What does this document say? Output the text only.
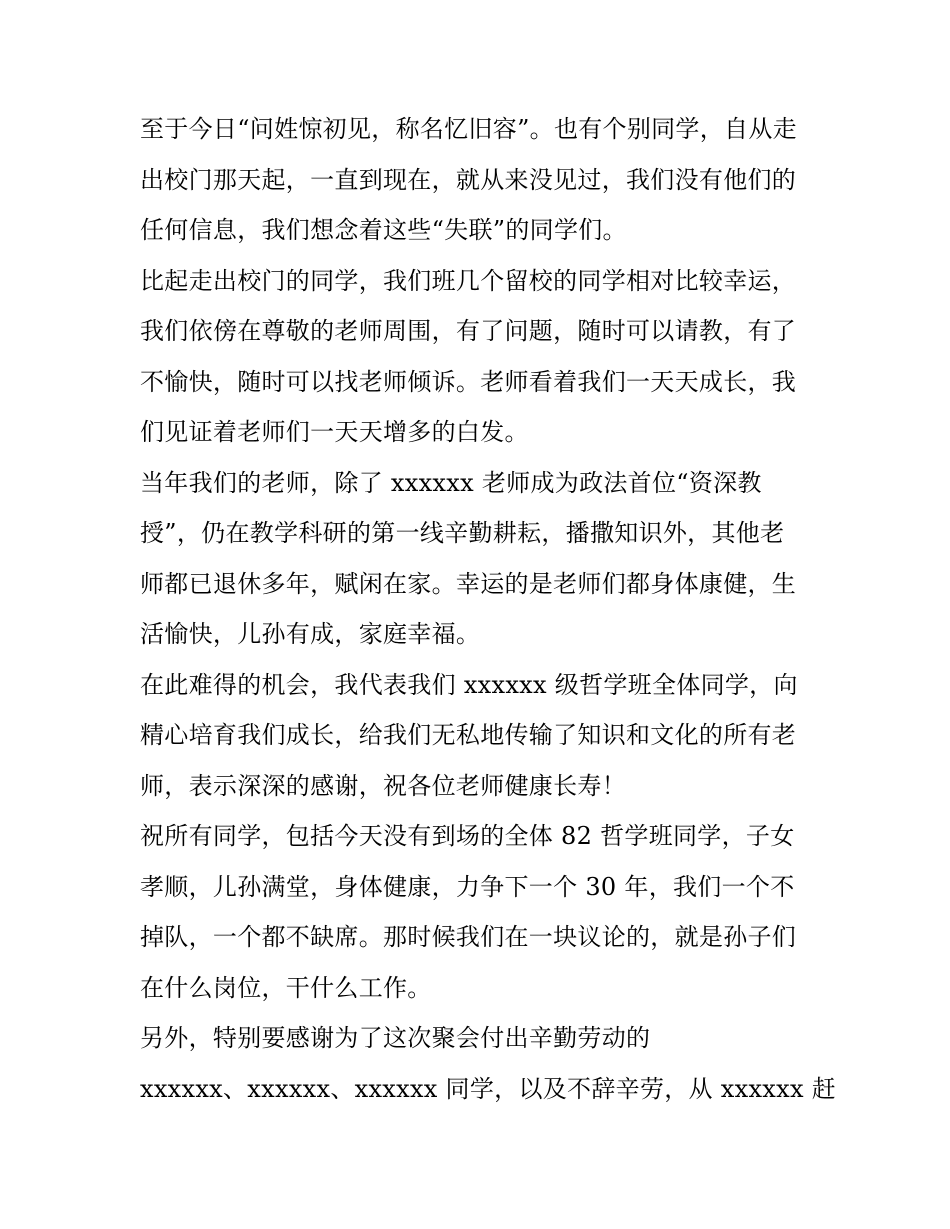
至于今日“问姓惊初见，称名忆旧容”。也有个别同学，自从走
出校门那天起，一直到现在，就从来没见过，我们没有他们的
任何信息，我们想念着这些“失联”的同学们。
比起走出校门的同学，我们班几个留校的同学相对比较幸运，
我们依傍在尊敬的老师周围，有了问题，随时可以请教，有了
不愉快，随时可以找老师倾诉。老师看着我们一天天成长，我
们见证着老师们一天天增多的白发。
当年我们的老师，除了 xxxxxx 老师成为政法首位“资深教
授”，仍在教学科研的第一线辛勤耕耘，播撒知识外，其他老
师都已退休多年，赋闲在家。幸运的是老师们都身体康健，生
活愉快，儿孙有成，家庭幸福。
在此难得的机会，我代表我们 xxxxxx 级哲学班全体同学，向
精心培育我们成长，给我们无私地传输了知识和文化的所有老
师，表示深深的感谢，祝各位老师健康长寿！
祝所有同学，包括今天没有到场的全体 82 哲学班同学，子女
孝顺，儿孙满堂，身体健康，力争下一个 30 年，我们一个不
掉队，一个都不缺席。那时候我们在一块议论的，就是孙子们
在什么岗位，干什么工作。
另外，特别要感谢为了这次聚会付出辛勤劳动的
xxxxxx、xxxxxx、xxxxxx 同学，以及不辞辛劳，从 xxxxxx 赶
